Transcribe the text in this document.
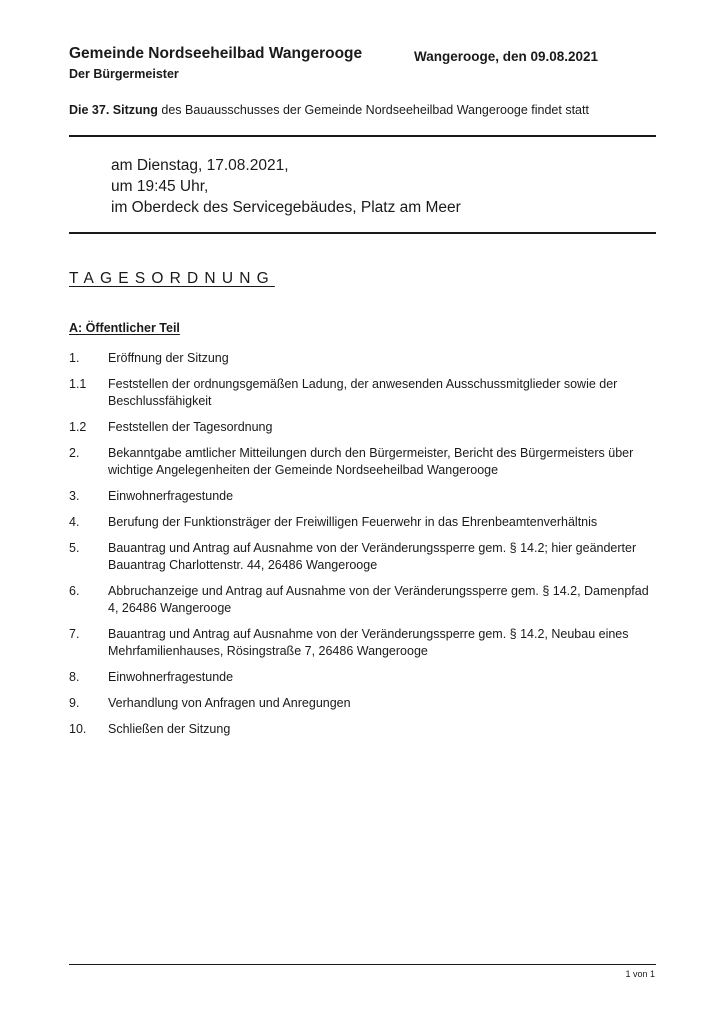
Gemeinde Nordseeheilbad Wangerooge	Wangerooge, den 09.08.2021
Der Bürgermeister
Die 37. Sitzung des Bauausschusses der Gemeinde Nordseeheilbad Wangerooge findet statt
am Dienstag, 17.08.2021,
um 19:45 Uhr,
im Oberdeck des Servicegebäudes, Platz am Meer
TAGESORDNUNG
A: Öffentlicher Teil
1.	Eröffnung der Sitzung
1.1	Feststellen der ordnungsgemäßen Ladung, der anwesenden Ausschussmitglieder sowie der Beschlussfähigkeit
1.2	Feststellen der Tagesordnung
2.	Bekanntgabe amtlicher Mitteilungen durch den Bürgermeister, Bericht des Bürgermeisters über wichtige Angelegenheiten der Gemeinde Nordseeheilbad Wangerooge
3.	Einwohnerfragestunde
4.	Berufung der Funktionsträger der Freiwilligen Feuerwehr in das Ehrenbeamtenverhältnis
5.	Bauantrag und Antrag auf Ausnahme von der Veränderungssperre gem. § 14.2; hier geänderter Bauantrag Charlottenstr. 44, 26486 Wangerooge
6.	Abbruchanzeige und Antrag auf Ausnahme von der Veränderungssperre gem. § 14.2, Damenpfad 4, 26486 Wangerooge
7.	Bauantrag und Antrag auf Ausnahme von der Veränderungssperre gem. § 14.2, Neubau eines Mehrfamilienhauses, Rösingstraße 7, 26486 Wangerooge
8.	Einwohnerfragestunde
9.	Verhandlung von Anfragen und Anregungen
10.	Schließen der Sitzung
1 von 1
